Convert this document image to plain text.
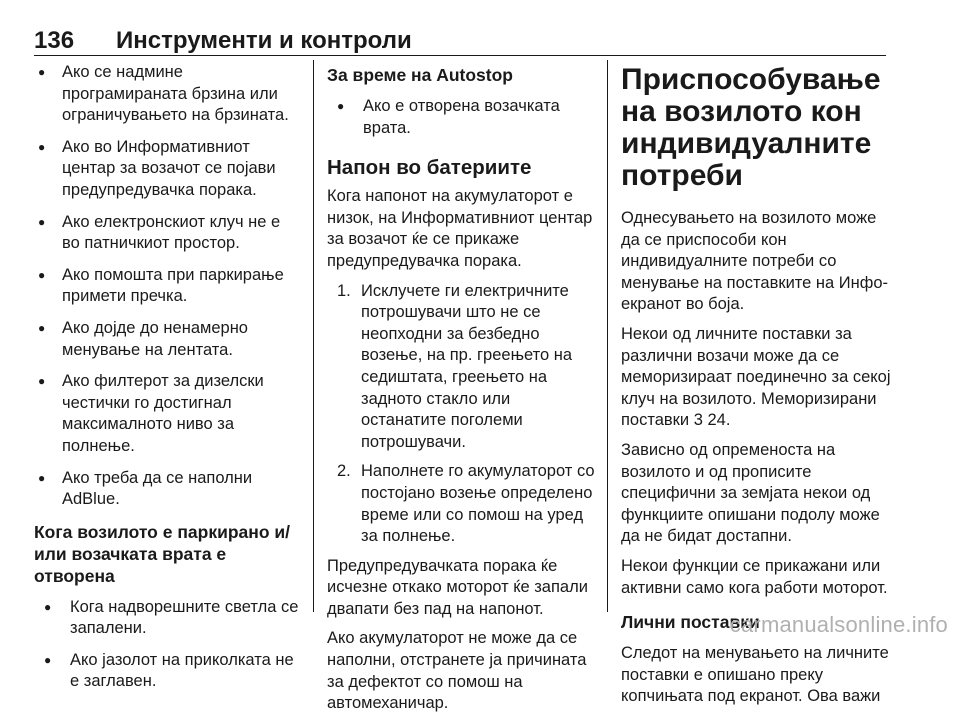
136 Инструменти и контроли
● Ако се надмине програмираната брзина или ограничувањето на брзината.
● Ако во Информативниот центар за возачот се појави предупредувачка порака.
● Ако електронскиот клуч не е во патничкиот простор.
● Ако помошта при паркирање примети пречка.
● Ако дојде до ненамерно менување на лентата.
● Ако филтерот за дизелски честички го достигнал максималното ниво за полнење.
● Ако треба да се наполни AdBlue.
Кога возилото е паркирано и/ или возачката врата е отворена
● Кога надворешните светла се запалени.
● Ако јазолот на приколката не е заглавен.
За време на Autostop
● Ако е отворена возачката врата.
Напон во батериите

Кога напонот на акумулаторот е низок, на Информативниот центар за возачот ќе се прикаже предупредувачка порака.

1. Исклучете ги електричните потрошувачи што не се неопходни за безбедно возење, на пр. греењето на седиштата, греењето на задното стакло или останатите поголеми потрошувачи.
2. Наполнете го акумулаторот со постојано возење определено време или со помош на уред за полнење.

Предупредувачката порака ќе исчезне откако моторот ќе запали двапати без пад на напонот.

Ако акумулаторот не може да се наполни, отстранете ја причината за дефектот со помош на автомеханичар.

Приспособување на возилото кон индивидуалните потреби

Однесувањето на возилото може да се приспособи кон индивидуалните потреби со менување на поставките на Инфо-екранот во боја.

Некои од личните поставки за различни возачи може да се меморизираат поединечно за секој клуч на возилото. Меморизирани поставки 3 24.

Зависно од опременоста на возилото и од прописите специфични за земјата некои од функциите опишани подолу може да не бидат достапни.

Некои функции се прикажани или активни само кога работи моторот.

Лични поставки

Следот на менувањето на личните поставки е опишано преку копчињата под екранот. Ова важи

carmanualsonline.info
